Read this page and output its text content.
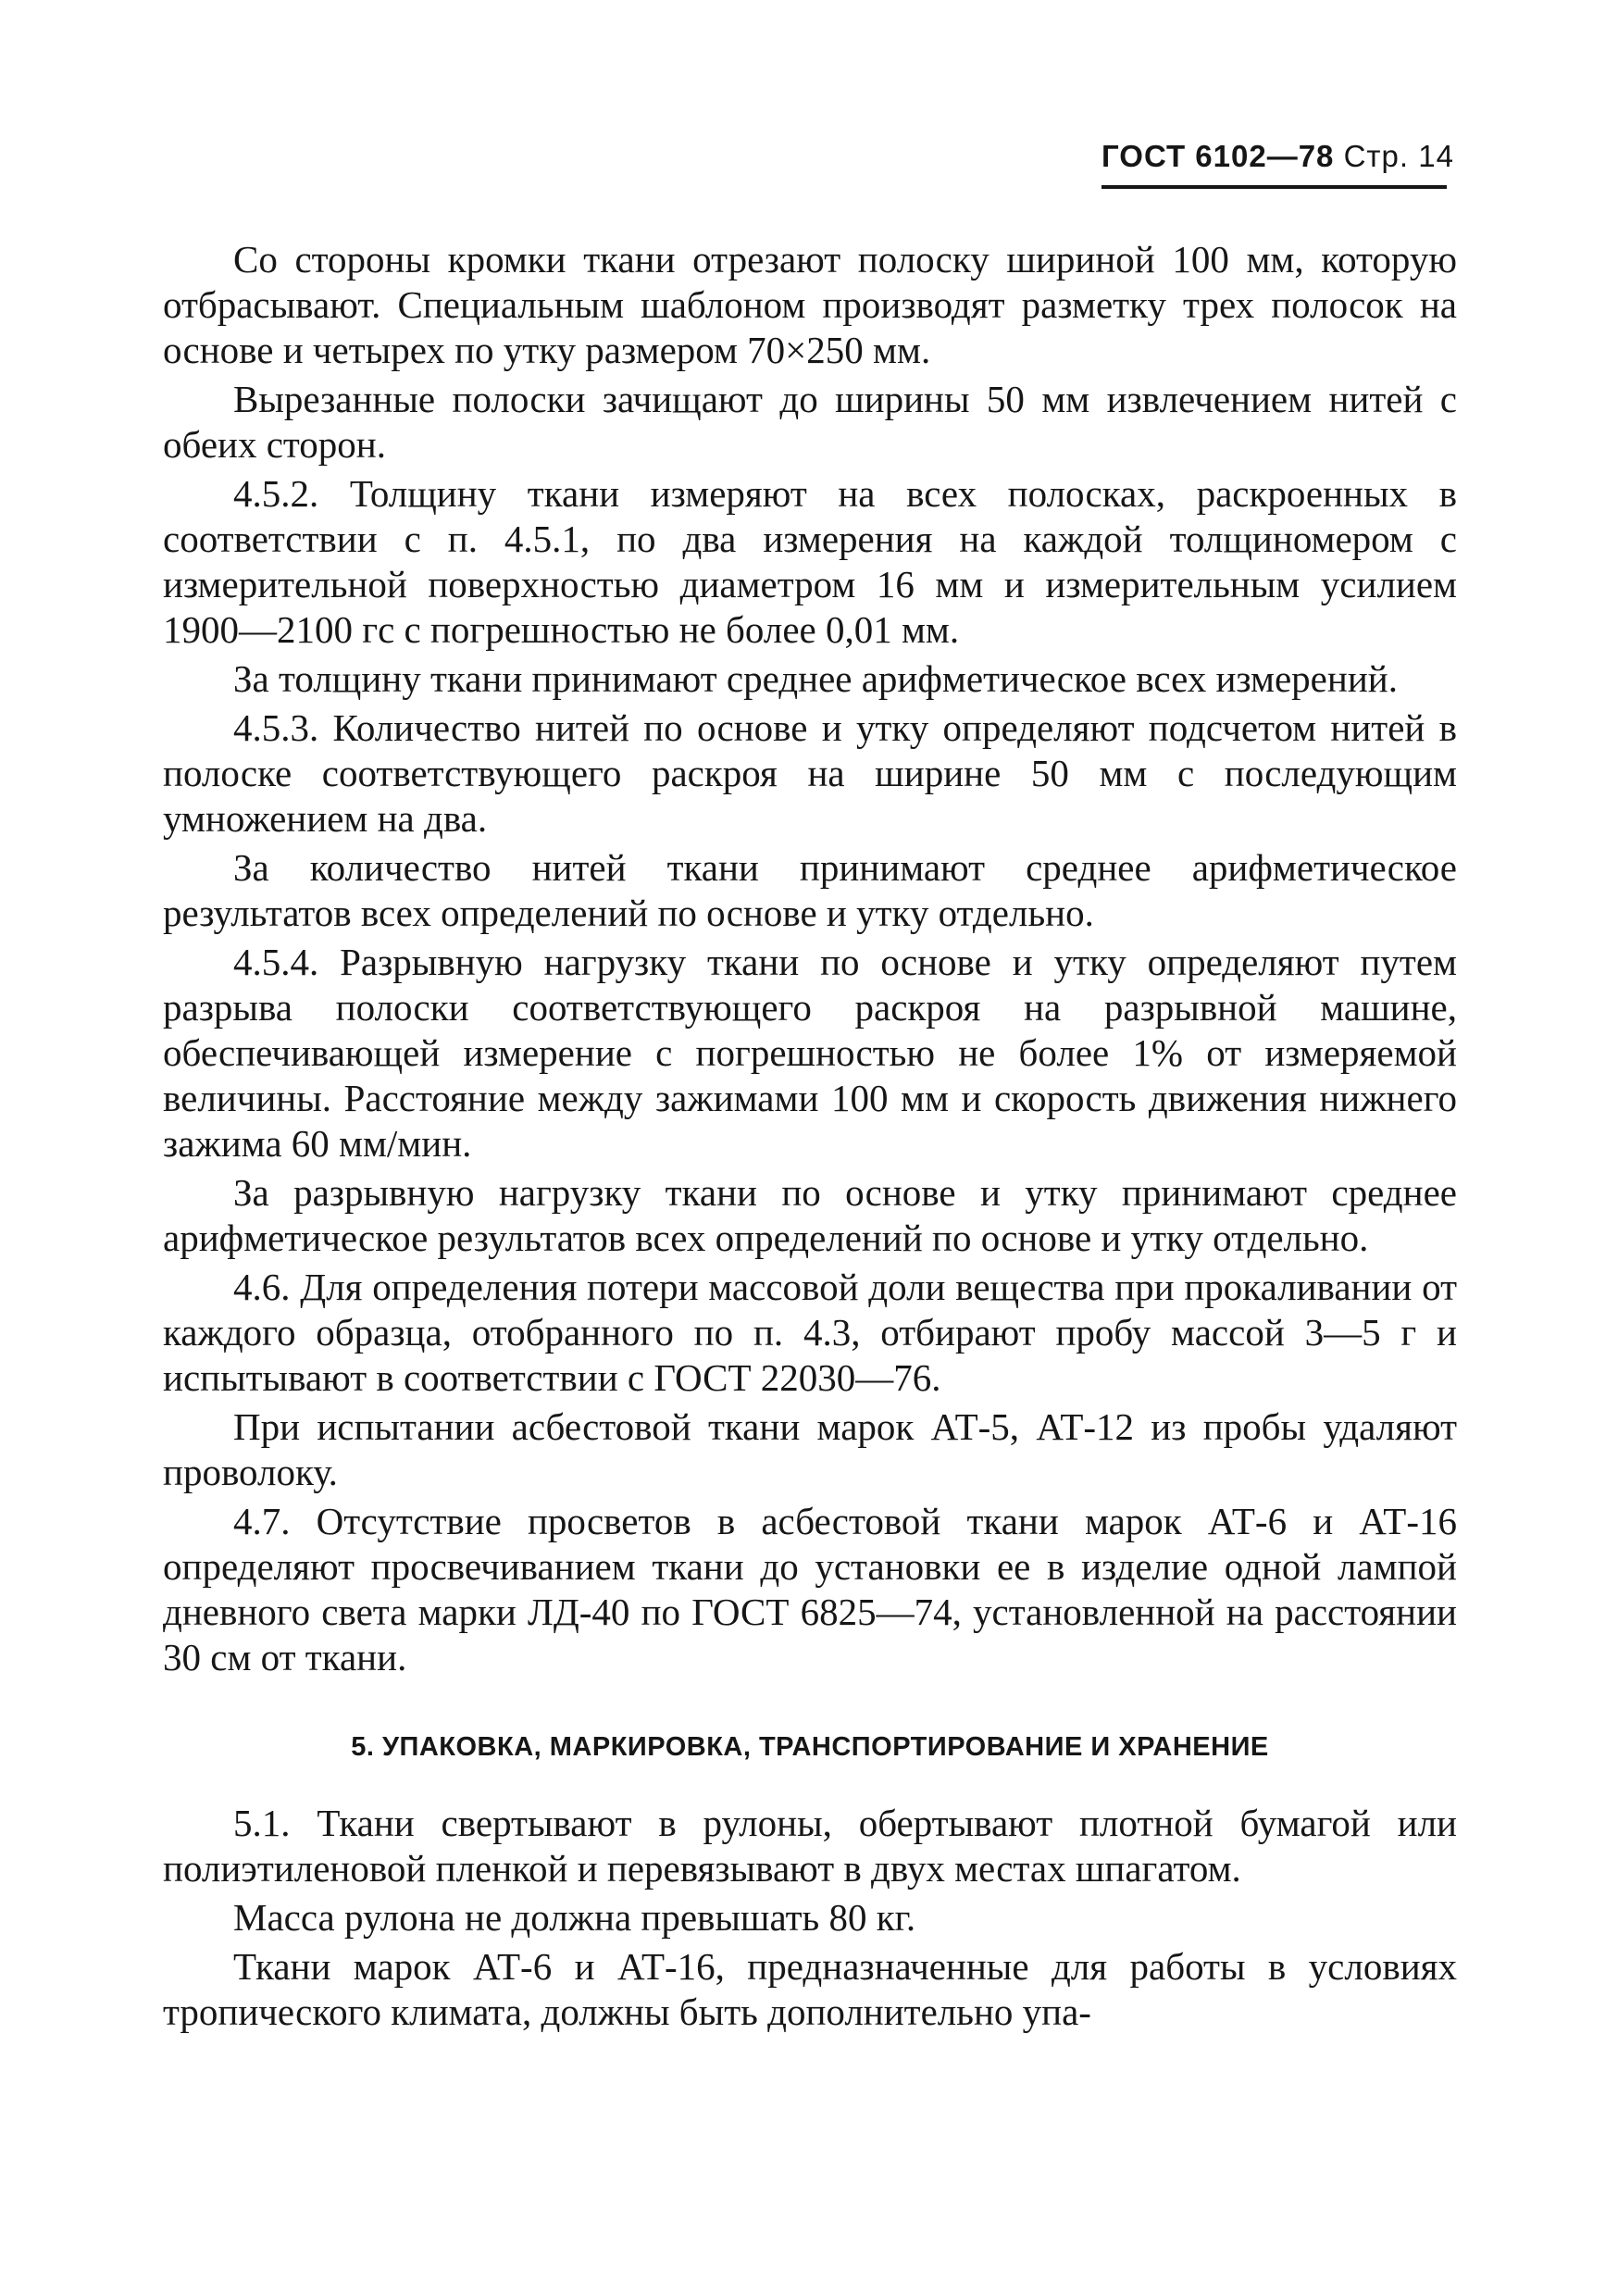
ГОСТ 6102—78 Стр. 14

Со стороны кромки ткани отрезают полоску шириной 100 мм, которую отбрасывают. Специальным шаблоном производят разметку трех полосок на основе и четырех по утку размером 70×250 мм.

Вырезанные полоски зачищают до ширины 50 мм извлечением нитей с обеих сторон.

4.5.2. Толщину ткани измеряют на всех полосках, раскроенных в соответствии с п. 4.5.1, по два измерения на каждой толщиномером с измерительной поверхностью диаметром 16 мм и измерительным усилием 1900—2100 гс с погрешностью не более 0,01 мм.

За толщину ткани принимают среднее арифметическое всех измерений.

4.5.3. Количество нитей по основе и утку определяют подсчетом нитей в полоске соответствующего раскроя на ширине 50 мм с последующим умножением на два.

За количество нитей ткани принимают среднее арифметическое результатов всех определений по основе и утку отдельно.

4.5.4. Разрывную нагрузку ткани по основе и утку определяют путем разрыва полоски соответствующего раскроя на разрывной машине, обеспечивающей измерение с погрешностью не более 1% от измеряемой величины. Расстояние между зажимами 100 мм и скорость движения нижнего зажима 60 мм/мин.

За разрывную нагрузку ткани по основе и утку принимают среднее арифметическое результатов всех определений по основе и утку отдельно.

4.6. Для определения потери массовой доли вещества при прокаливании от каждого образца, отобранного по п. 4.3, отбирают пробу массой 3—5 г и испытывают в соответствии с ГОСТ 22030—76.

При испытании асбестовой ткани марок АТ-5, АТ-12 из пробы удаляют проволоку.

4.7. Отсутствие просветов в асбестовой ткани марок АТ-6 и АТ-16 определяют просвечиванием ткани до установки ее в изделие одной лампой дневного света марки ЛД-40 по ГОСТ 6825—74, установленной на расстоянии 30 см от ткани.

5. УПАКОВКА, МАРКИРОВКА, ТРАНСПОРТИРОВАНИЕ И ХРАНЕНИЕ

5.1. Ткани свертывают в рулоны, обертывают плотной бумагой или полиэтиленовой пленкой и перевязывают в двух местах шпагатом.

Масса рулона не должна превышать 80 кг.

Ткани марок АТ-6 и АТ-16, предназначенные для работы в условиях тропического климата, должны быть дополнительно упа-
